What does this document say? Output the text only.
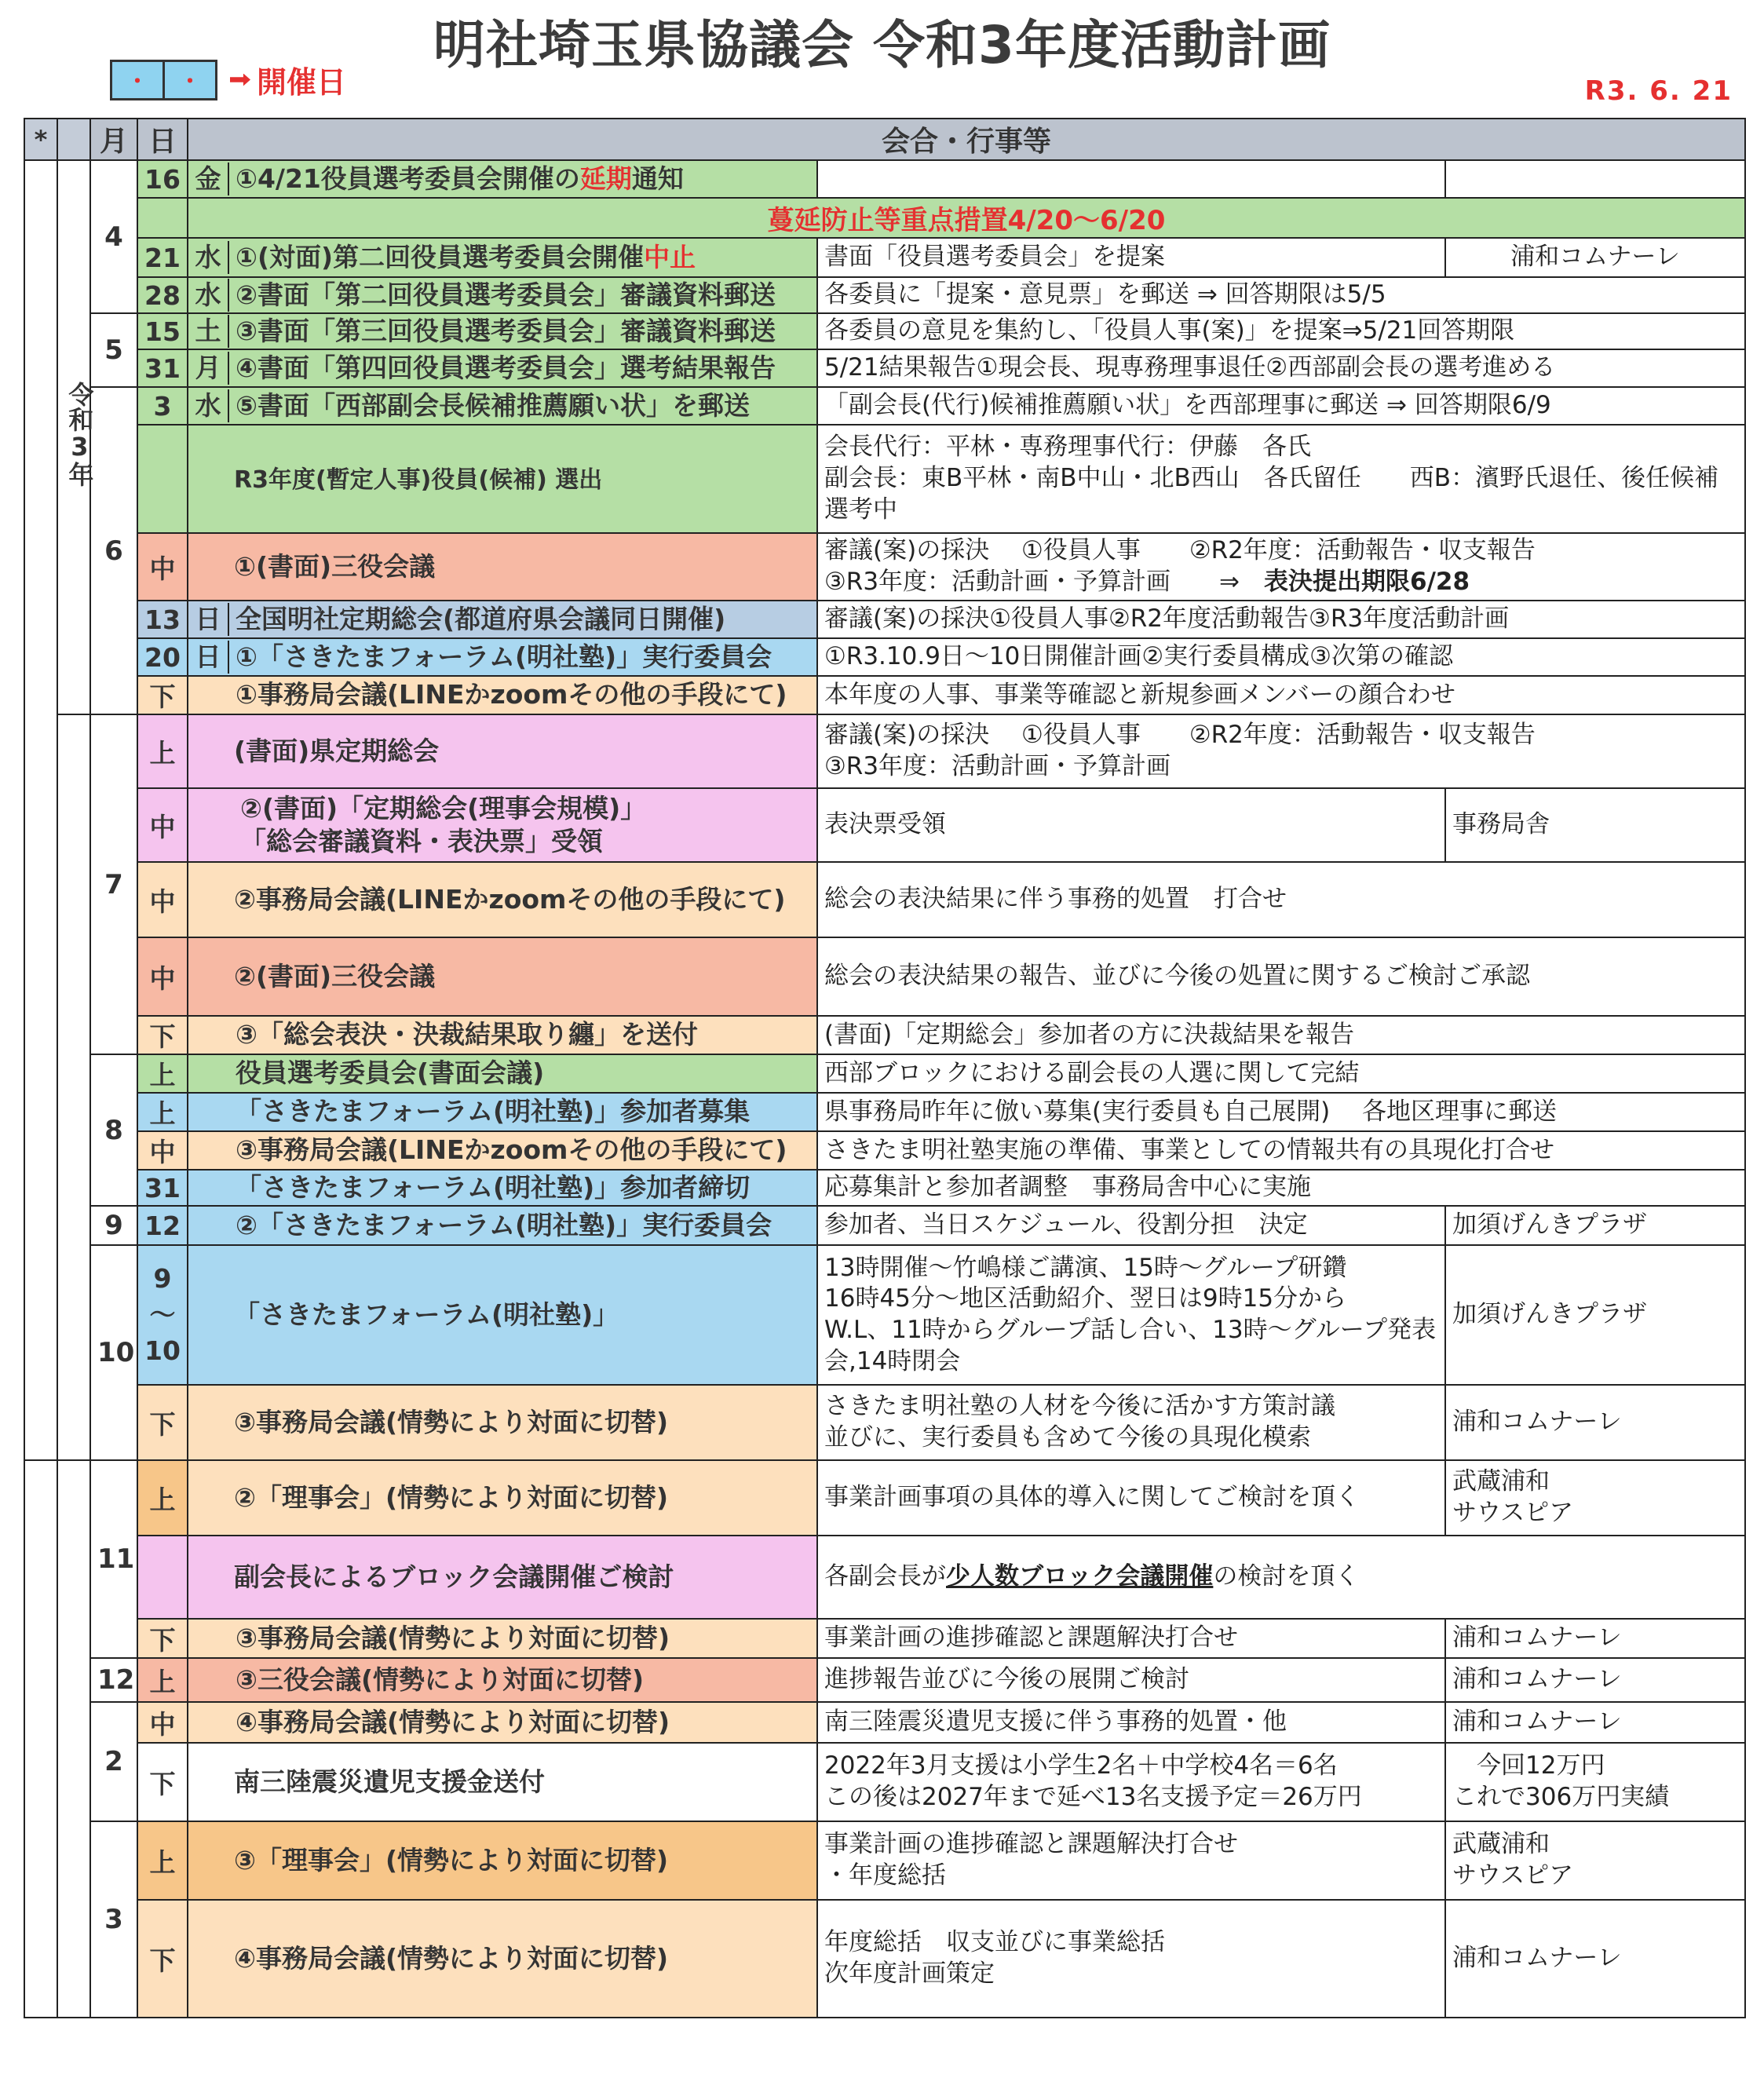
明社埼玉県協議会 令和3年度活動計画
・	・	開催日	R3. 6. 21
*		月	日	会合・行事等		
	令和3年	4	16	金 ①4/21役員選考委員会開催の延期通知		
				蔓延防止等重点措置4/20～6/20		
			21	水 ①(対面)第二回役員選考委員会開催中止	書面「役員選考委員会」を提案	浦和コムナーレ
			28	水 ②書面「第二回役員選考委員会」審議資料郵送	各委員に「提案・意見票」を郵送 ⇒ 回答期限は5/5	
		5	15	土 ③書面「第三回役員選考委員会」審議資料郵送	各委員の意見を集約し、「役員人事(案)」を提案⇒5/21回答期限	
			31	月 ④書面「第四回役員選考委員会」選考結果報告	5/21結果報告①現会長、現専務理事退任②西部副会長の選考進める	
		6	3	水 ⑤書面「西部副会長候補推薦願い状」を郵送	「副会長(代行)候補推薦願い状」を西部理事に郵送 ⇒ 回答期限6/9	
				R3年度(暫定人事)役員(候補) 選出	会長代行：平林・専務理事代行：伊藤　各氏
副会長：東B平林・南B中山・北B西山　各氏留任　　西B：濱野氏退任、後任候補選考中	
			中	①(書面)三役会議	審議(案)の採決　 ①役員人事　　②R2年度：活動報告・収支報告
③R3年度：活動計画・予算計画　　⇒　表決提出期限6/28	
			13	日 全国明社定期総会(都道府県会議同日開催)	審議(案)の採決①役員人事②R2年度活動報告③R3年度活動計画	
			20	日 ①「さきたまフォーラム(明社塾)」実行委員会	①R3.10.9日～10日開催計画②実行委員構成③次第の確認	
			下	①事務局会議(LINEかzoomその他の手段にて)	本年度の人事、事業等確認と新規参画メンバーの顔合わせ	
		7	上	(書面)県定期総会	審議(案)の採決　 ①役員人事　　②R2年度：活動報告・収支報告
③R3年度：活動計画・予算計画	
			中	②(書面)「定期総会(理事会規模)」
「総会審議資料・表決票」受領	表決票受領	事務局舎
			中	②事務局会議(LINEかzoomその他の手段にて)	総会の表決結果に伴う事務的処置　打合せ	
			中	②(書面)三役会議	総会の表決結果の報告、並びに今後の処置に関するご検討ご承認	
			下	③「総会表決・決裁結果取り纏」を送付	(書面)「定期総会」参加者の方に決裁結果を報告	
		8	上	役員選考委員会(書面会議)	西部ブロックにおける副会長の人選に関して完結	
			上	「さきたまフォーラム(明社塾)」参加者募集	県事務局昨年に倣い募集(実行委員も自己展開)　 各地区理事に郵送	
			中	③事務局会議(LINEかzoomその他の手段にて)	さきたま明社塾実施の準備、事業としての情報共有の具現化打合せ	
			31	「さきたまフォーラム(明社塾)」参加者締切	応募集計と参加者調整　事務局舎中心に実施	
		9	12	②「さきたまフォーラム(明社塾)」実行委員会	参加者、当日スケジュール、役割分担　決定	加須げんきプラザ
		10	9
～
10	「さきたまフォーラム(明社塾)」	13時開催～竹嶋様ご講演、15時～グループ研鑽
16時45分～地区活動紹介、翌日は9時15分から
W.L、11時からグループ話し合い、13時～グループ発表会,14時閉会	加須げんきプラザ
			下	③事務局会議(情勢により対面に切替)	さきたま明社塾の人材を今後に活かす方策討議
並びに、実行委員も含めて今後の具現化模索	浦和コムナーレ
		11	上	②「理事会」(情勢により対面に切替)	事業計画事項の具体的導入に関してご検討を頂く	武蔵浦和
サウスピア
				副会長によるブロック会議開催ご検討	各副会長が少人数ブロック会議開催の検討を頂く	
			下	③事務局会議(情勢により対面に切替)	事業計画の進捗確認と課題解決打合せ	浦和コムナーレ
		12	上	③三役会議(情勢により対面に切替)	進捗報告並びに今後の展開ご検討	浦和コムナーレ
		2	中	④事務局会議(情勢により対面に切替)	南三陸震災遺児支援に伴う事務的処置・他	浦和コムナーレ
			下	南三陸震災遺児支援金送付	2022年3月支援は小学生2名＋中学校4名＝6名
この後は2027年まで延べ13名支援予定＝26万円	　今回12万円
これで306万円実績
		3	上	③「理事会」(情勢により対面に切替)	事業計画の進捗確認と課題解決打合せ
・年度総括	武蔵浦和
サウスピア
			下	④事務局会議(情勢により対面に切替)	年度総括　収支並びに事業総括
次年度計画策定	浦和コムナーレ
